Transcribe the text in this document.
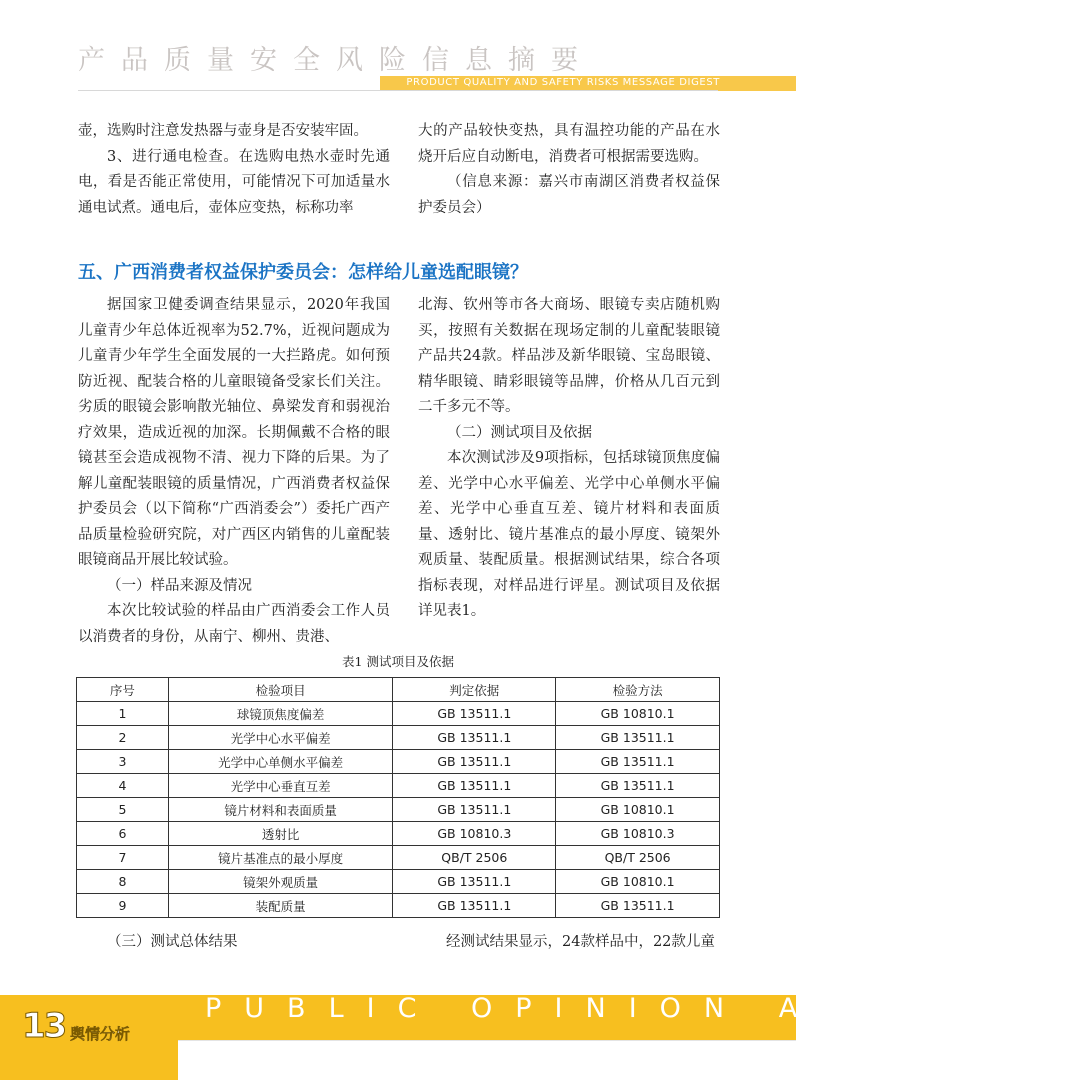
产品质量安全风险信息摘要
PRODUCT QUALITY AND SAFETY RISKS MESSAGE DIGEST

壶，选购时注意发热器与壶身是否安装牢固。

3、进行通电检查。在选购电热水壶时先通电，看是否能正常使用，可能情况下可加适量水通电试煮。通电后，壶体应变热，标称功率

大的产品较快变热，具有温控功能的产品在水烧开后应自动断电，消费者可根据需要选购。

（信息来源：嘉兴市南湖区消费者权益保护委员会）

五、广西消费者权益保护委员会：怎样给儿童选配眼镜？

据国家卫健委调查结果显示，2020年我国儿童青少年总体近视率为52.7%，近视问题成为儿童青少年学生全面发展的一大拦路虎。如何预防近视、配装合格的儿童眼镜备受家长们关注。劣质的眼镜会影响散光轴位、鼻梁发育和弱视治疗效果，造成近视的加深。长期佩戴不合格的眼镜甚至会造成视物不清、视力下降的后果。为了解儿童配装眼镜的质量情况，广西消费者权益保护委员会（以下简称“广西消委会”）委托广西产品质量检验研究院，对广西区内销售的儿童配装眼镜商品开展比较试验。

（一）样品来源及情况

本次比较试验的样品由广西消委会工作人员以消费者的身份，从南宁、柳州、贵港、

北海、钦州等市各大商场、眼镜专卖店随机购买，按照有关数据在现场定制的儿童配装眼镜产品共24款。样品涉及新华眼镜、宝岛眼镜、精华眼镜、睛彩眼镜等品牌，价格从几百元到二千多元不等。

（二）测试项目及依据

本次测试涉及9项指标，包括球镜顶焦度偏差、光学中心水平偏差、光学中心单侧水平偏差、光学中心垂直互差、镜片材料和表面质量、透射比、镜片基准点的最小厚度、镜架外观质量、装配质量。根据测试结果，综合各项指标表现，对样品进行评星。测试项目及依据详见表1。

表1 测试项目及依据
序号	检验项目	判定依据	检验方法
1	球镜顶焦度偏差	GB 13511.1	GB 10810.1
2	光学中心水平偏差	GB 13511.1	GB 13511.1
3	光学中心单侧水平偏差	GB 13511.1	GB 13511.1
4	光学中心垂直互差	GB 13511.1	GB 13511.1
5	镜片材料和表面质量	GB 13511.1	GB 10810.1
6	透射比	GB 10810.3	GB 10810.3
7	镜片基准点的最小厚度	QB/T 2506	QB/T 2506
8	镜架外观质量	GB 13511.1	GB 10810.1
9	装配质量	GB 13511.1	GB 13511.1
（三）测试总体结果	经测试结果显示，24款样品中，22款儿童
PUBLIC OPINION ANALYSIS
13 舆情分析
